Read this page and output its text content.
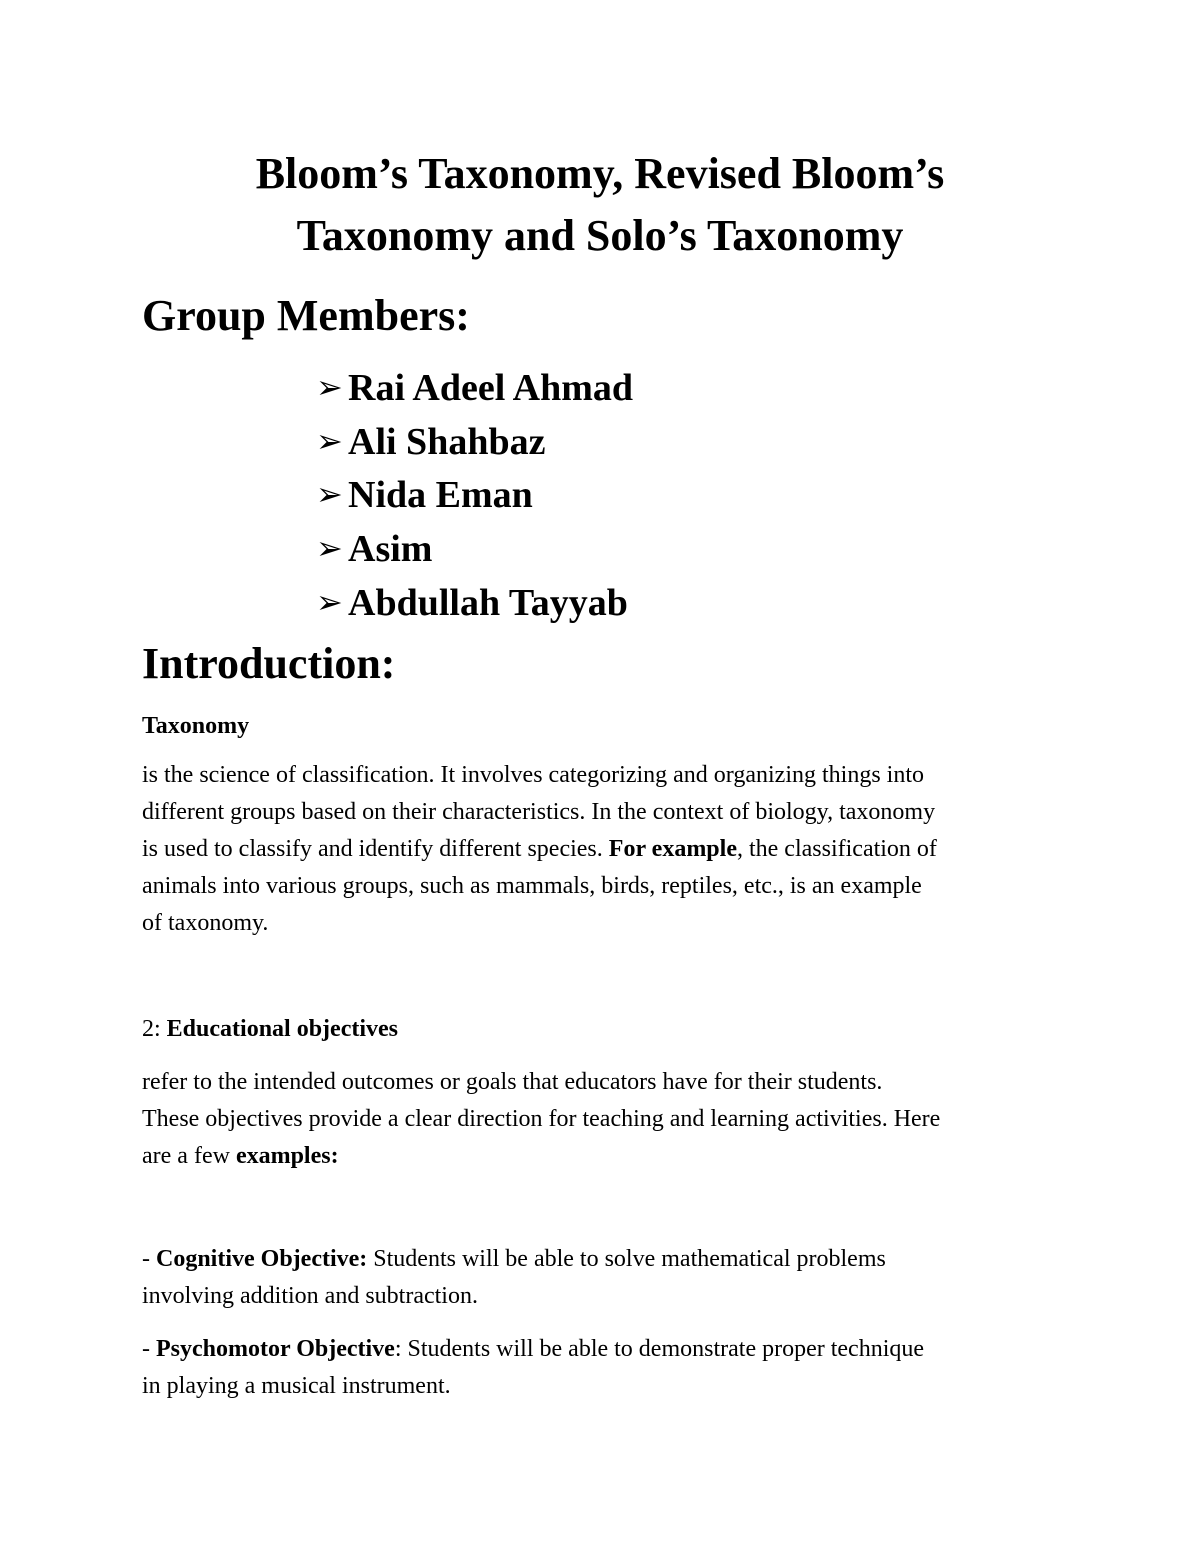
Bloom’s Taxonomy, Revised Bloom’s
Taxonomy and Solo’s Taxonomy
Group Members:
➢ Rai Adeel Ahmad
➢ Ali Shahbaz
➢ Nida Eman
➢ Asim
➢ Abdullah Tayyab
Introduction:
Taxonomy

is the science of classification. It involves categorizing and organizing things into
different groups based on their characteristics. In the context of biology, taxonomy
is used to classify and identify different species. For example, the classification of
animals into various groups, such as mammals, birds, reptiles, etc., is an example
of taxonomy.

2: Educational objectives

refer to the intended outcomes or goals that educators have for their students.
These objectives provide a clear direction for teaching and learning activities. Here
are a few examples:

- Cognitive Objective: Students will be able to solve mathematical problems
involving addition and subtraction.

- Psychomotor Objective: Students will be able to demonstrate proper technique
in playing a musical instrument.
